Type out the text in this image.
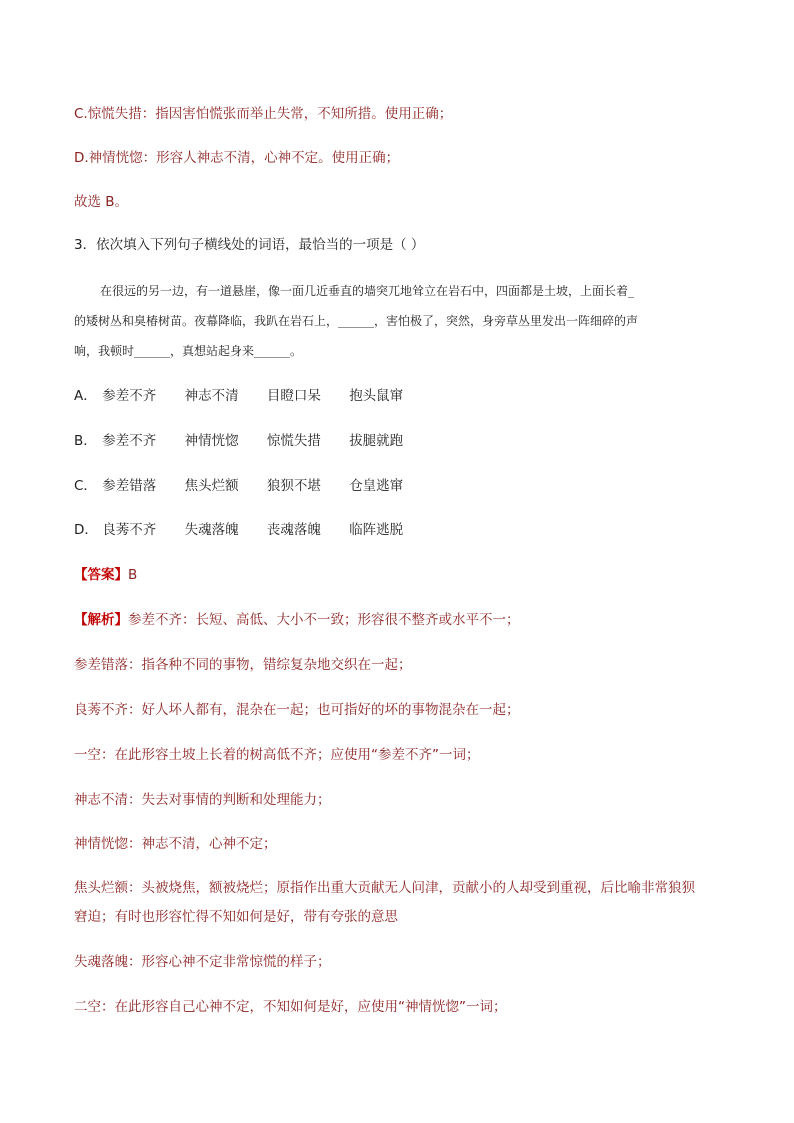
C.惊慌失措：指因害怕慌张而举止失常，不知所措。使用正确；
D.神情恍惚：形容人神志不清，心神不定。使用正确；
故选 B。
3．依次填入下列句子横线处的词语，最恰当的一项是（ ）
在很远的另一边，有一道悬崖，像一面几近垂直的墙突兀地耸立在岩石中，四面都是土坡，上面长着_
的矮树丛和臭椿树苗。夜幕降临，我趴在岩石上，______，害怕极了，突然，身旁草丛里发出一阵细碎的声
响，我顿时______，真想站起身来______。
A． 参差不齐 神志不清 目瞪口呆 抱头鼠窜
B． 参差不齐 神情恍惚 惊慌失措 拔腿就跑
C． 参差错落 焦头烂额 狼狈不堪 仓皇逃窜
D． 良莠不齐 失魂落魄 丧魂落魄 临阵逃脱
【答案】B
【解析】参差不齐：长短、高低、大小不一致；形容很不整齐或水平不一；
参差错落：指各种不同的事物，错综复杂地交织在一起；
良莠不齐：好人坏人都有，混杂在一起；也可指好的坏的事物混杂在一起；
一空：在此形容土坡上长着的树高低不齐；应使用“参差不齐”一词；
神志不清：失去对事情的判断和处理能力；
神情恍惚：神志不清，心神不定；
焦头烂额：头被烧焦，额被烧烂；原指作出重大贡献无人问津，贡献小的人却受到重视，后比喻非常狼狈
窘迫；有时也形容忙得不知如何是好，带有夸张的意思
失魂落魄：形容心神不定非常惊慌的样子；
二空：在此形容自己心神不定，不知如何是好，应使用“神情恍惚”一词；
